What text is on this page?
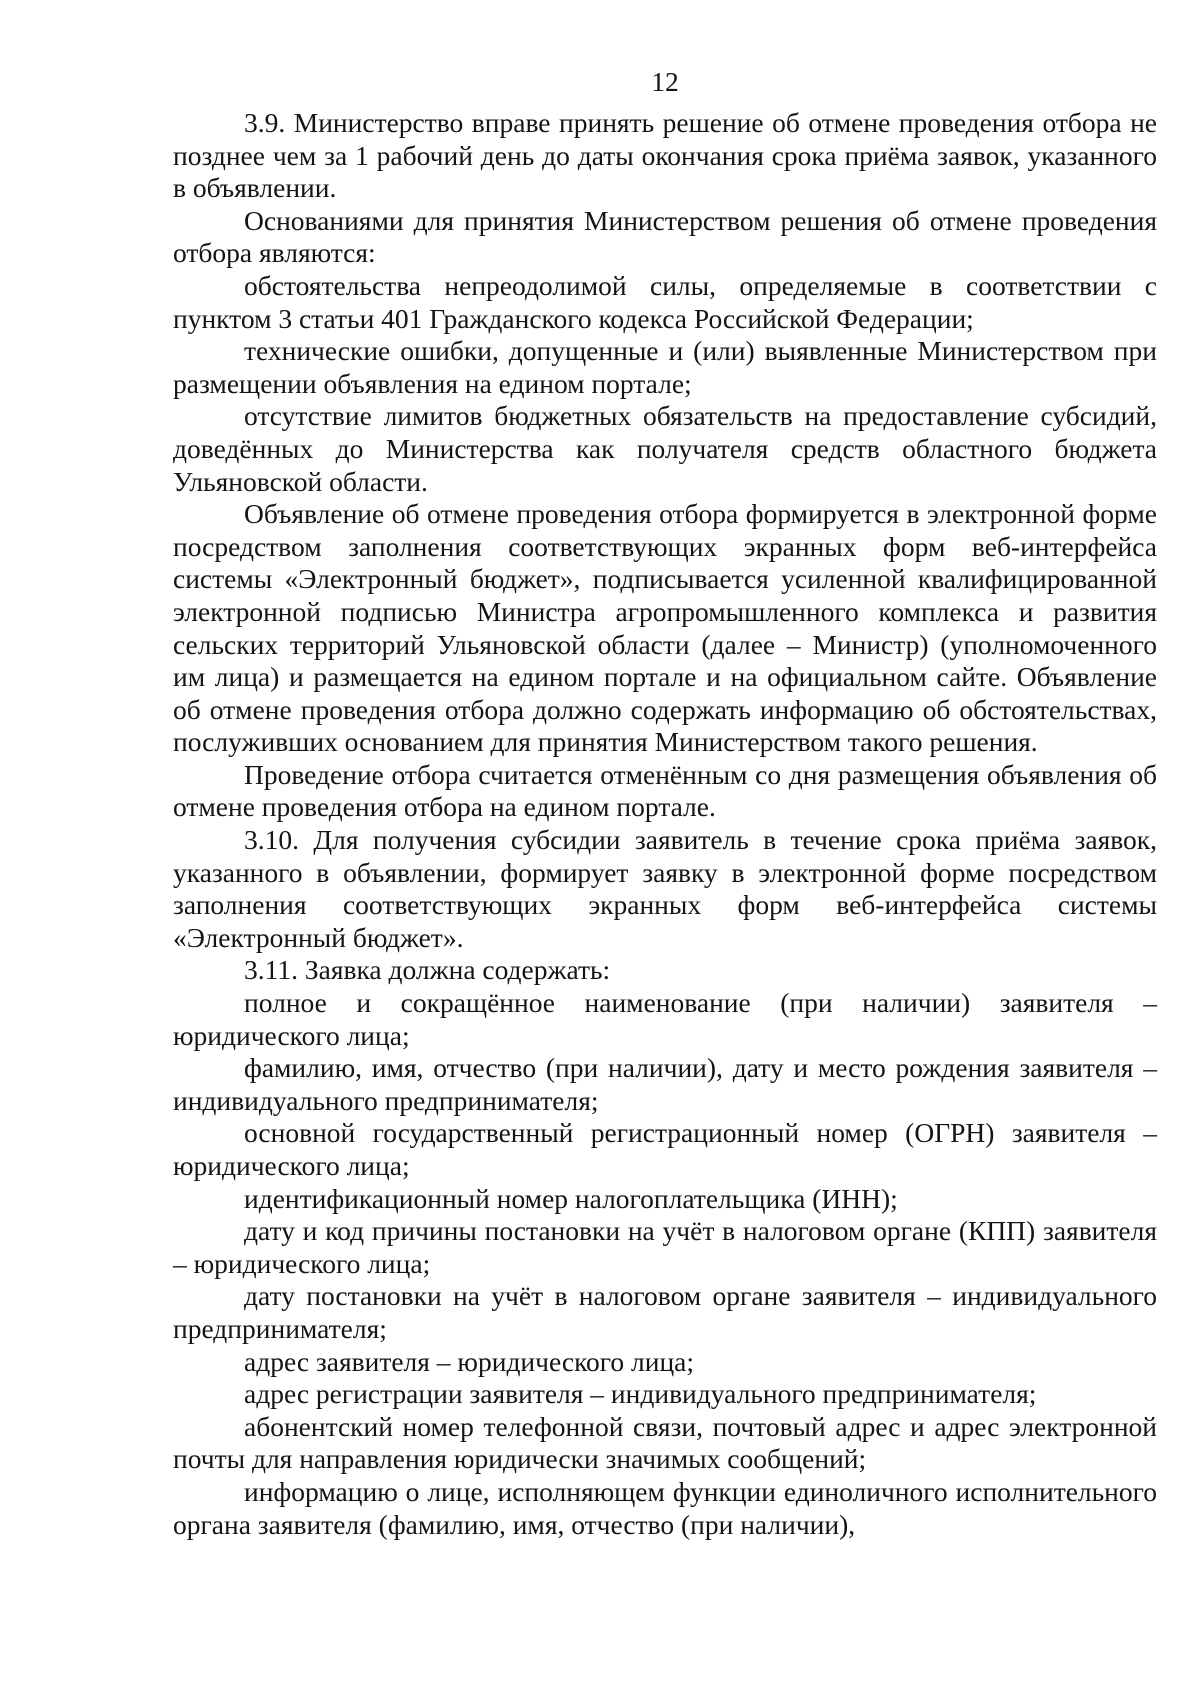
12

3.9. Министерство вправе принять решение об отмене проведения отбора не позднее чем за 1 рабочий день до даты окончания срока приёма заявок, указанного в объявлении.

Основаниями для принятия Министерством решения об отмене проведения отбора являются:

обстоятельства непреодолимой силы, определяемые в соответствии с пунктом 3 статьи 401 Гражданского кодекса Российской Федерации;

технические ошибки, допущенные и (или) выявленные Министерством при размещении объявления на едином портале;

отсутствие лимитов бюджетных обязательств на предоставление субсидий, доведённых до Министерства как получателя средств областного бюджета Ульяновской области.

Объявление об отмене проведения отбора формируется в электронной форме посредством заполнения соответствующих экранных форм веб-интерфейса системы «Электронный бюджет», подписывается усиленной квалифицированной электронной подписью Министра агропромышленного комплекса и развития сельских территорий Ульяновской области (далее – Министр) (уполномоченного им лица) и размещается на едином портале и на официальном сайте. Объявление об отмене проведения отбора должно содержать информацию об обстоятельствах, послуживших основанием для принятия Министерством такого решения.

Проведение отбора считается отменённым со дня размещения объявления об отмене проведения отбора на едином портале.

3.10. Для получения субсидии заявитель в течение срока приёма заявок, указанного в объявлении, формирует заявку в электронной форме посредством заполнения соответствующих экранных форм веб-интерфейса системы «Электронный бюджет».

3.11. Заявка должна содержать:

полное и сокращённое наименование (при наличии) заявителя – юридического лица;

фамилию, имя, отчество (при наличии), дату и место рождения заявителя – индивидуального предпринимателя;

основной государственный регистрационный номер (ОГРН) заявителя – юридического лица;

идентификационный номер налогоплательщика (ИНН);

дату и код причины постановки на учёт в налоговом органе (КПП) заявителя – юридического лица;

дату постановки на учёт в налоговом органе заявителя – индивидуального предпринимателя;

адрес заявителя – юридического лица;

адрес регистрации заявителя – индивидуального предпринимателя;

абонентский номер телефонной связи, почтовый адрес и адрес электронной почты для направления юридически значимых сообщений;

информацию о лице, исполняющем функции единоличного исполнительного органа заявителя (фамилию, имя, отчество (при наличии),
